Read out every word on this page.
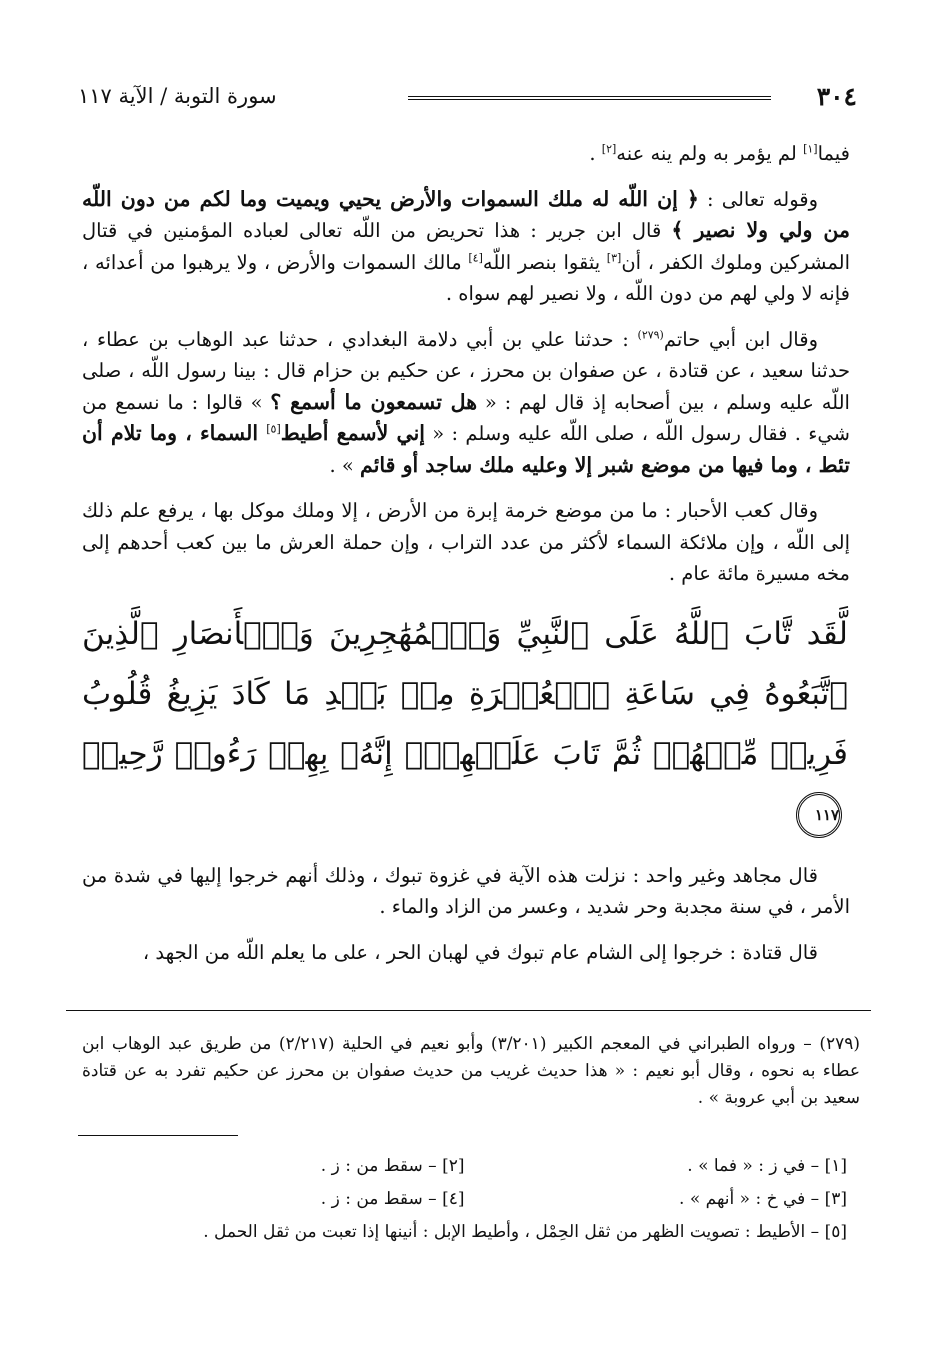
٣٠٤
سورة التوبة / الآية ١١٧

فيما[١] لم يؤمر به ولم ينه عنه[٢] .

وقوله تعالى : ﴿ إن اللّه له ملك السموات والأرض يحيي ويميت وما لكم من دون اللّه من ولي ولا نصير ﴾ قال ابن جرير : هذا تحريض من اللّه تعالى لعباده المؤمنين في قتال المشركين وملوك الكفر ، أن[٣] يثقوا بنصر اللّه[٤] مالك السموات والأرض ، ولا يرهبوا من أعدائه ، فإنه لا ولي لهم من دون اللّه ، ولا نصير لهم سواه .

وقال ابن أبي حاتم$^{(٢٧٩)}$ : حدثنا علي بن أبي دلامة البغدادي ، حدثنا عبد الوهاب بن عطاء ، حدثنا سعيد ، عن قتادة ، عن صفوان بن محرز ، عن حكيم بن حزام قال : بينا رسول اللّه ، صلى اللّه عليه وسلم ، بين أصحابه إذ قال لهم : « هل تسمعون ما أسمع ؟ » قالوا : ما نسمع من شيء . فقال رسول اللّه ، صلى اللّه عليه وسلم : « إني لأسمع أطيط[٥] السماء ، وما تلام أن تئط ، وما فيها من موضع شبر إلا وعليه ملك ساجد أو قائم » .

وقال كعب الأحبار : ما من موضع خرمة إبرة من الأرض ، إلا وملك موكل بها ، يرفع علم ذلك إلى اللّه ، وإن ملائكة السماء لأكثر من عدد التراب ، وإن حملة العرش ما بين كعب أحدهم إلى مخه مسيرة مائة عام .

لَّقَد تَّابَ ٱللَّهُ عَلَى ٱلنَّبِيِّ وَٱلۡمُهَٰجِرِينَ وَٱلۡأَنصَارِ ٱلَّذِينَ ٱتَّبَعُوهُ فِي سَاعَةِ ٱلۡعُسۡرَةِ مِنۢ بَعۡدِ مَا كَادَ يَزِيغُ قُلُوبُ فَرِيقٖ مِّنۡهُمۡ ثُمَّ تَابَ عَلَيۡهِمۡۚ إِنَّهُۥ بِهِمۡ رَءُوفٞ رَّحِيمٞ١١٧

قال مجاهد وغير واحد : نزلت هذه الآية في غزوة تبوك ، وذلك أنهم خرجوا إليها في شدة من الأمر ، في سنة مجدبة وحر شديد ، وعسر من الزاد والماء .

قال قتادة : خرجوا إلى الشام عام تبوك في لهبان الحر ، على ما يعلم اللّه من الجهد ،

(٢٧٩) – ورواه الطبراني في المعجم الكبير (٣/٢٠١) وأبو نعيم في الحلية (٢/٢١٧) من طريق عبد الوهاب ابن عطاء به نحوه ، وقال أبو نعيم : « هذا حديث غريب من حديث صفوان بن محرز عن حكيم تفرد به عن قتادة سعيد بن أبي عروبة » .

[١] – في ز : « فما » .
[٢] – سقط من : ز .
[٣] – في خ : « أنهم » .
[٤] – سقط من : ز .
[٥] – الأطيط : تصويت الظهر من ثقل الحِمْل ، وأطيط الإبل : أنينها إذا تعبت من ثقل الحمل .
